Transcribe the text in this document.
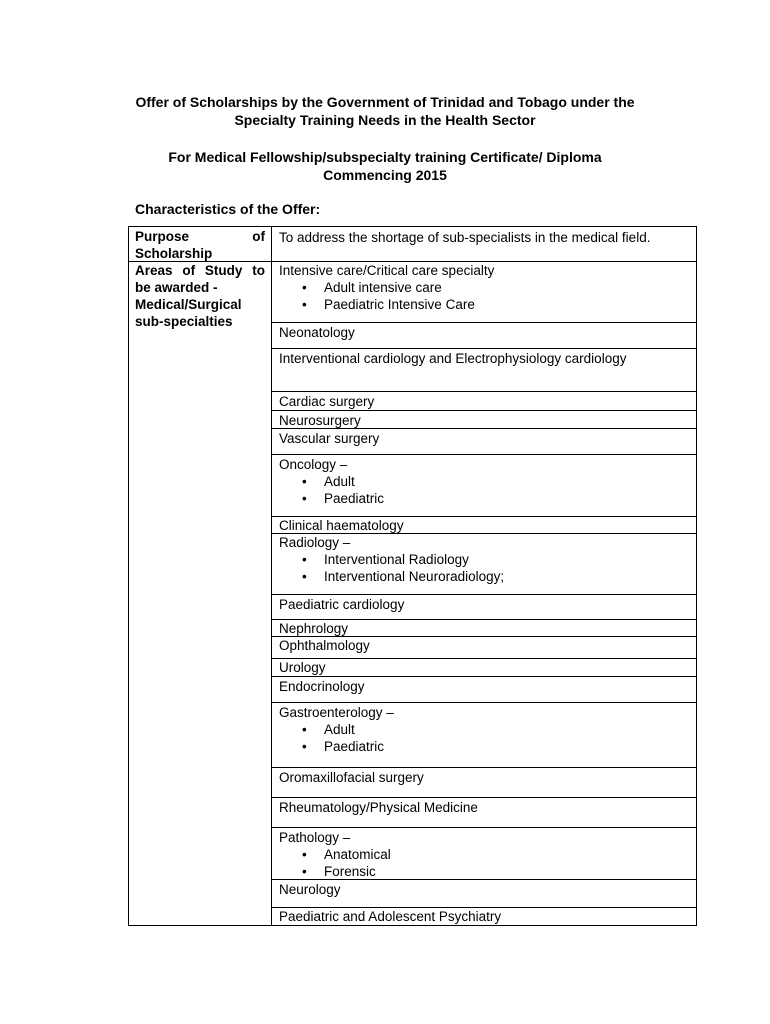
Offer of Scholarships by the Government of Trinidad and Tobago under the
Specialty Training Needs in the Health Sector
For Medical Fellowship/subspecialty training Certificate/ Diploma
Commencing 2015
Characteristics of the Offer:
Purpose	of
Scholarship
Areas of Study to
be awarded -
Medical/Surgical
sub-specialties
To address the shortage of sub-specialists in the medical field.

Intensive care/Critical care specialty

• Adult intensive care
• Paediatric Intensive Care
Neonatology
Interventional cardiology and Electrophysiology cardiology
Cardiac surgery
Neurosurgery
Vascular surgery

Oncology –

• Adult
• Paediatric
Clinical haematology

Radiology –

• Interventional Radiology
• Interventional Neuroradiology;
Paediatric cardiology
Nephrology
Ophthalmology
Urology
Endocrinology

Gastroenterology –

• Adult
• Paediatric
Oromaxillofacial surgery
Rheumatology/Physical Medicine

Pathology –

• Anatomical
• Forensic
Neurology
Paediatric and Adolescent Psychiatry
